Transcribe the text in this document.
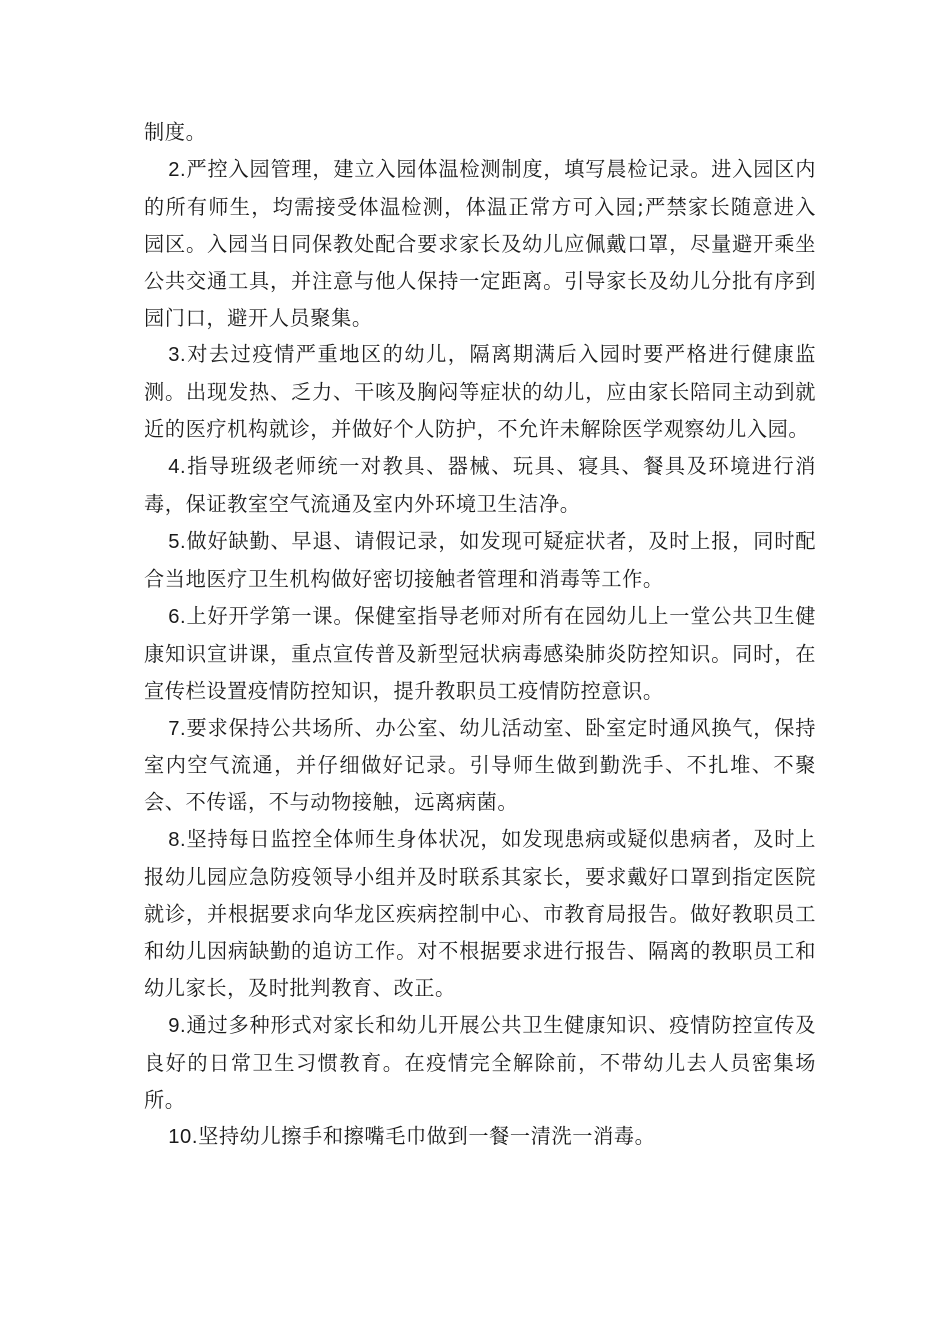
制度。

2.严控入园管理，建立入园体温检测制度，填写晨检记录。进入园区内的所有师生，均需接受体温检测，体温正常方可入园;严禁家长随意进入园区。入园当日同保教处配合要求家长及幼儿应佩戴口罩，尽量避开乘坐公共交通工具，并注意与他人保持一定距离。引导家长及幼儿分批有序到园门口，避开人员聚集。

3.对去过疫情严重地区的幼儿，隔离期满后入园时要严格进行健康监测。出现发热、乏力、干咳及胸闷等症状的幼儿，应由家长陪同主动到就近的医疗机构就诊，并做好个人防护，不允许未解除医学观察幼儿入园。

4.指导班级老师统一对教具、器械、玩具、寝具、餐具及环境进行消毒，保证教室空气流通及室内外环境卫生洁净。

5.做好缺勤、早退、请假记录，如发现可疑症状者，及时上报，同时配合当地医疗卫生机构做好密切接触者管理和消毒等工作。

6.上好开学第一课。保健室指导老师对所有在园幼儿上一堂公共卫生健康知识宣讲课，重点宣传普及新型冠状病毒感染肺炎防控知识。同时，在宣传栏设置疫情防控知识，提升教职员工疫情防控意识。

7.要求保持公共场所、办公室、幼儿活动室、卧室定时通风换气，保持室内空气流通，并仔细做好记录。引导师生做到勤洗手、不扎堆、不聚会、不传谣，不与动物接触，远离病菌。

8.坚持每日监控全体师生身体状况，如发现患病或疑似患病者，及时上报幼儿园应急防疫领导小组并及时联系其家长，要求戴好口罩到指定医院就诊，并根据要求向华龙区疾病控制中心、市教育局报告。做好教职员工和幼儿因病缺勤的追访工作。对不根据要求进行报告、隔离的教职员工和幼儿家长，及时批判教育、改正。

9.通过多种形式对家长和幼儿开展公共卫生健康知识、疫情防控宣传及良好的日常卫生习惯教育。在疫情完全解除前，不带幼儿去人员密集场所。

10.坚持幼儿擦手和擦嘴毛巾做到一餐一清洗一消毒。
